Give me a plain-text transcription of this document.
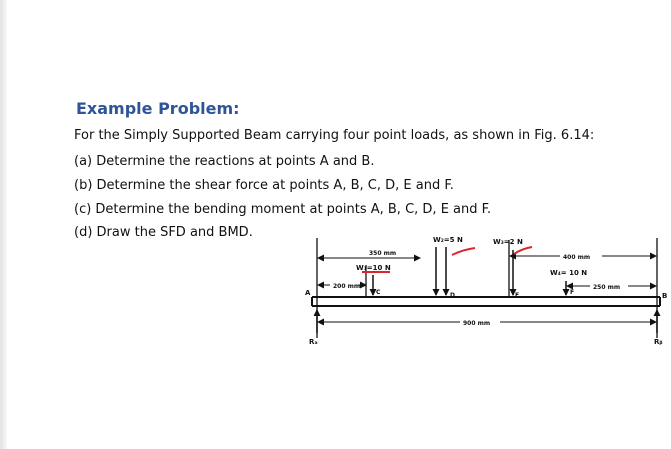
Example Problem:
For the Simply Supported Beam carrying four point loads, as shown in Fig. 6.14:
(a) Determine the reactions at points A and B.
(b) Determine the shear force at points A, B, C, D, E and F.
(c) Determine the bending moment at points A, B, C, D, E and F.
(d) Draw the SFD and BMD.	W₂=5 N	W₃=2 N
350 mm
W₁=10 N
200 mm
400 mm
W₄= 10 N
250 mm
900 mm
A	B
C	D	E	F
Rₐ	Rᵦ
